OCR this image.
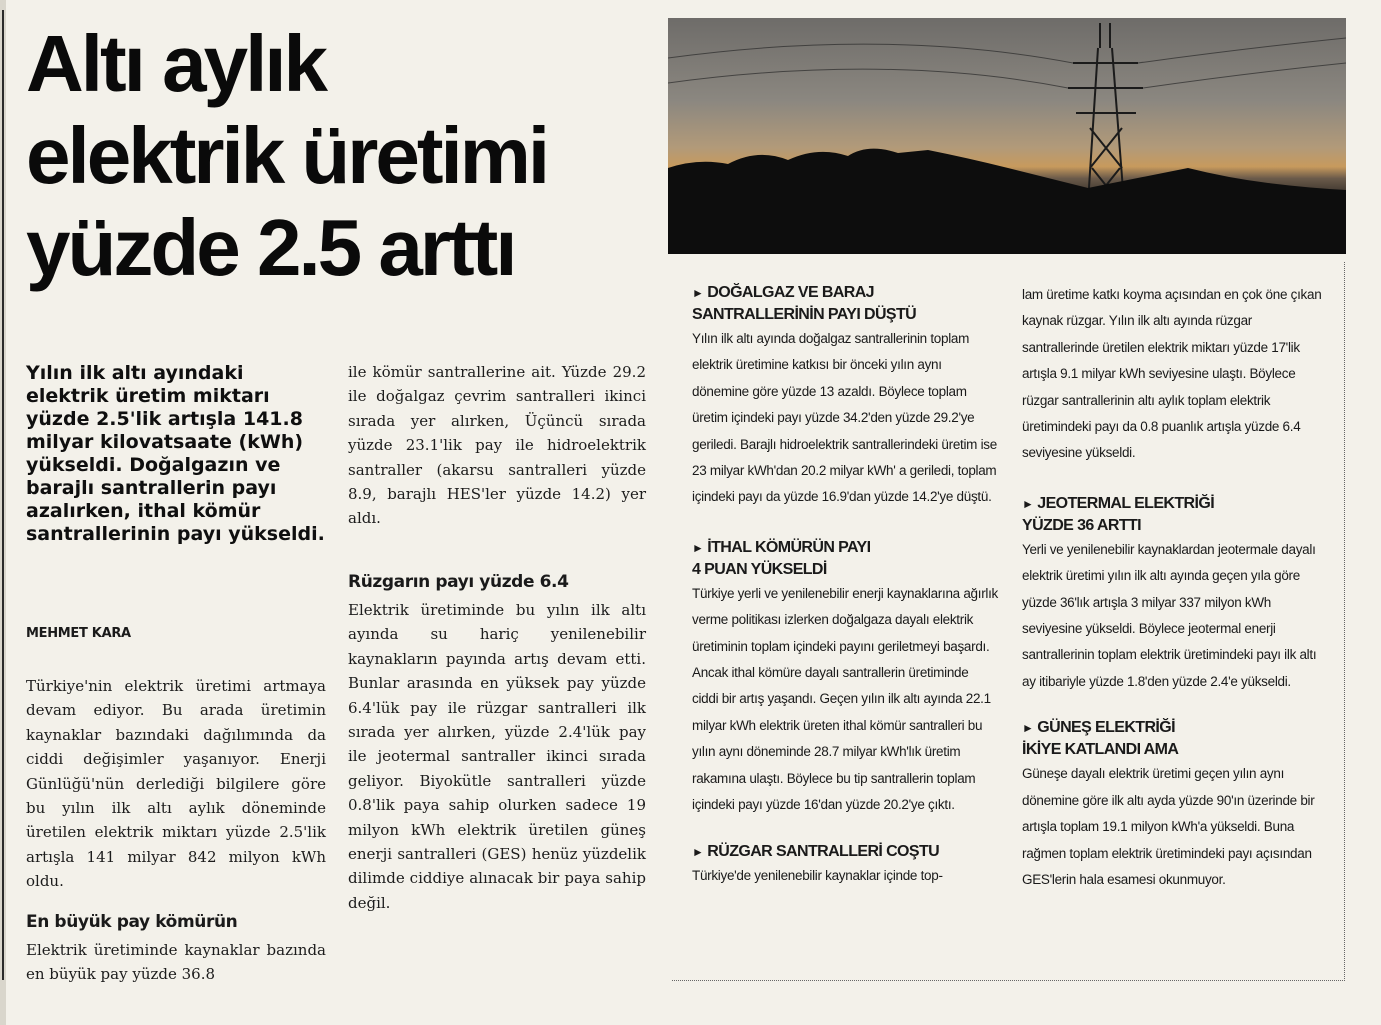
Altı aylık
elektrik üretimi
yüzde 2.5 arttı

Yılın ilk altı ayındaki elektrik üretim miktarı yüzde 2.5'lik artışla 141.8 milyar kilovatsaate (kWh) yükseldi. Doğalgazın ve barajlı santrallerin payı azalırken, ithal kömür santrallerinin payı yükseldi.

MEHMET KARA

Türkiye'nin elektrik üretimi artmaya devam ediyor. Bu arada üretimin kaynaklar bazındaki dağılımında da ciddi değişimler yaşanıyor. Enerji Günlüğü'nün derlediği bilgilere göre bu yılın ilk altı aylık döneminde üretilen elektrik miktarı yüzde 2.5'lik artışla 141 milyar 842 milyon kWh oldu.

En büyük pay kömürün

Elektrik üretiminde kaynaklar bazında en büyük pay yüzde 36.8

ile kömür santrallerine ait. Yüzde 29.2 ile doğalgaz çevrim santralleri ikinci sırada yer alırken, Üçüncü sırada yüzde 23.1'lik pay ile hidroelektrik santraller (akarsu santralleri yüzde 8.9, barajlı HES'ler yüzde 14.2) yer aldı.

Rüzgarın payı yüzde 6.4

Elektrik üretiminde bu yılın ilk altı ayında su hariç yenilenebilir kaynakların payında artış devam etti. Bunlar arasında en yüksek pay yüzde 6.4'lük pay ile rüzgar santralleri ilk sırada yer alırken, yüzde 2.4'lük pay ile jeotermal santraller ikinci sırada geliyor. Biyokütle santralleri yüzde 0.8'lik paya sahip olurken sadece 19 milyon kWh elektrik üretilen güneş enerji santralleri (GES) henüz yüzdelik dilimde ciddiye alınacak bir paya sahip değil.

► DOĞALGAZ VE BARAJ
SANTRALLERİNİN PAYI DÜŞTÜ

Yılın ilk altı ayında doğalgaz santrallerinin toplam elektrik üretimine katkısı bir önceki yılın aynı dönemine göre yüzde 13 azaldı. Böylece toplam üretim içindeki payı yüzde 34.2'den yüzde 29.2'ye geriledi. Barajlı hidroelektrik santrallerindeki üretim ise 23 milyar kWh'dan 20.2 milyar kWh' a geriledi, toplam içindeki payı da yüzde 16.9'dan yüzde 14.2'ye düştü.

► İTHAL KÖMÜRÜN PAYI
4 PUAN YÜKSELDİ

Türkiye yerli ve yenilenebilir enerji kaynaklarına ağırlık verme politikası izlerken doğalgaza dayalı elektrik üretiminin toplam içindeki payını geriletmeyi başardı. Ancak ithal kömüre dayalı santrallerin üretiminde ciddi bir artış yaşandı. Geçen yılın ilk altı ayında 22.1 milyar kWh elektrik üreten ithal kömür santralleri bu yılın aynı döneminde 28.7 milyar kWh'lık üretim rakamına ulaştı. Böylece bu tip santrallerin toplam içindeki payı yüzde 16'dan yüzde 20.2'ye çıktı.

► RÜZGAR SANTRALLERİ COŞTU

Türkiye'de yenilenebilir kaynaklar içinde top-

lam üretime katkı koyma açısından en çok öne çıkan kaynak rüzgar. Yılın ilk altı ayında rüzgar santrallerinde üretilen elektrik miktarı yüzde 17'lik artışla 9.1 milyar kWh seviyesine ulaştı. Böylece rüzgar santrallerinin altı aylık toplam elektrik üretimindeki payı da 0.8 puanlık artışla yüzde 6.4 seviyesine yükseldi.

► JEOTERMAL ELEKTRİĞİ
YÜZDE 36 ARTTI

Yerli ve yenilenebilir kaynaklardan jeotermale dayalı elektrik üretimi yılın ilk altı ayında geçen yıla göre yüzde 36'lık artışla 3 milyar 337 milyon kWh seviyesine yükseldi. Böylece jeotermal enerji santrallerinin toplam elektrik üretimindeki payı ilk altı ay itibariyle yüzde 1.8'den yüzde 2.4'e yükseldi.

► GÜNEŞ ELEKTRİĞİ
İKİYE KATLANDI AMA

Güneşe dayalı elektrik üretimi geçen yılın aynı dönemine göre ilk altı ayda yüzde 90'ın üzerinde bir artışla toplam 19.1 milyon kWh'a yükseldi. Buna rağmen toplam elektrik üretimindeki payı açısından GES'lerin hala esamesi okunmuyor.
